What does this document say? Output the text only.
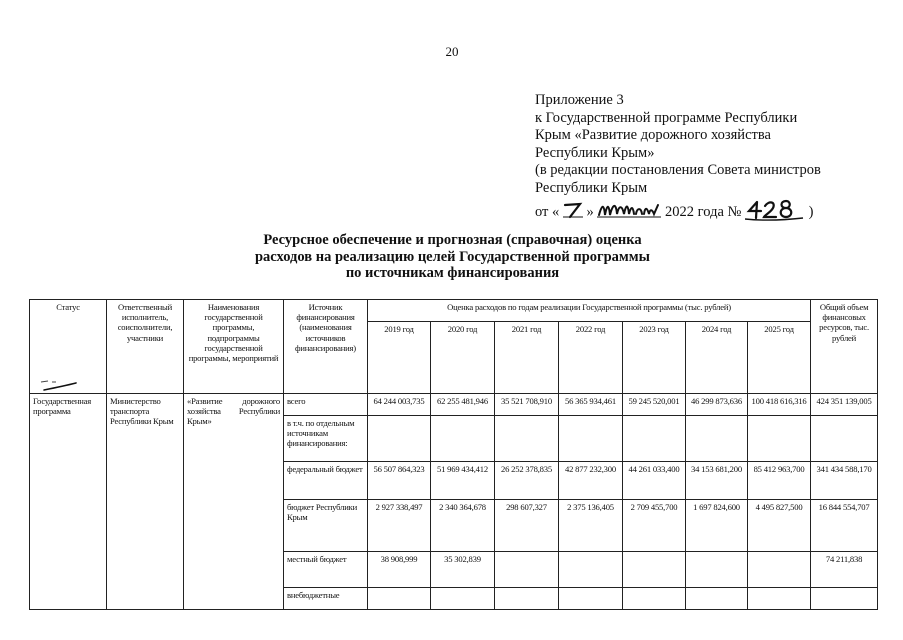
20
Приложение 3
к Государственной программе Республики
Крым «Развитие дорожного хозяйства
Республики Крым»
(в редакции постановления Совета министров
Республики Крым
от « »	2022 года №	)
Ресурсное обеспечение и прогнозная (справочная) оценка
расходов на реализацию целей Государственной программы
по источникам финансирования
Статус	Ответственный исполнитель, соисполнители, участники	Наименования государственной программы, подпрограммы государственной программы, мероприятий	Источник финансирования (наименования источников финансирования)	Оценка расходов по годам реализации Государственной программы (тыс. рублей)							Общий объем финансовых ресурсов, тыс. рублей
				2019 год	2020 год	2021 год	2022 год	2023 год	2024 год	2025 год	
Государственная программа	Министерство транспорта Республики Крым	«Развитие дорожного хозяйства Республики Крым»	всего	64 244 003,735	62 255 481,946	35 521 708,910	56 365 934,461	59 245 520,001	46 299 873,636	100 418 616,316	424 351 139,005
			в т.ч. по отдельным источникам финансирования:								
			федеральный бюджет	56 507 864,323	51 969 434,412	26 252 378,835	42 877 232,300	44 261 033,400	34 153 681,200	85 412 963,700	341 434 588,170
			бюджет Республики Крым	2 927 338,497	2 340 364,678	298 607,327	2 375 136,405	2 709 455,700	1 697 824,600	4 495 827,500	16 844 554,707
			местный бюджет	38 908,999	35 302,839						74 211,838
			внебюджетные								
